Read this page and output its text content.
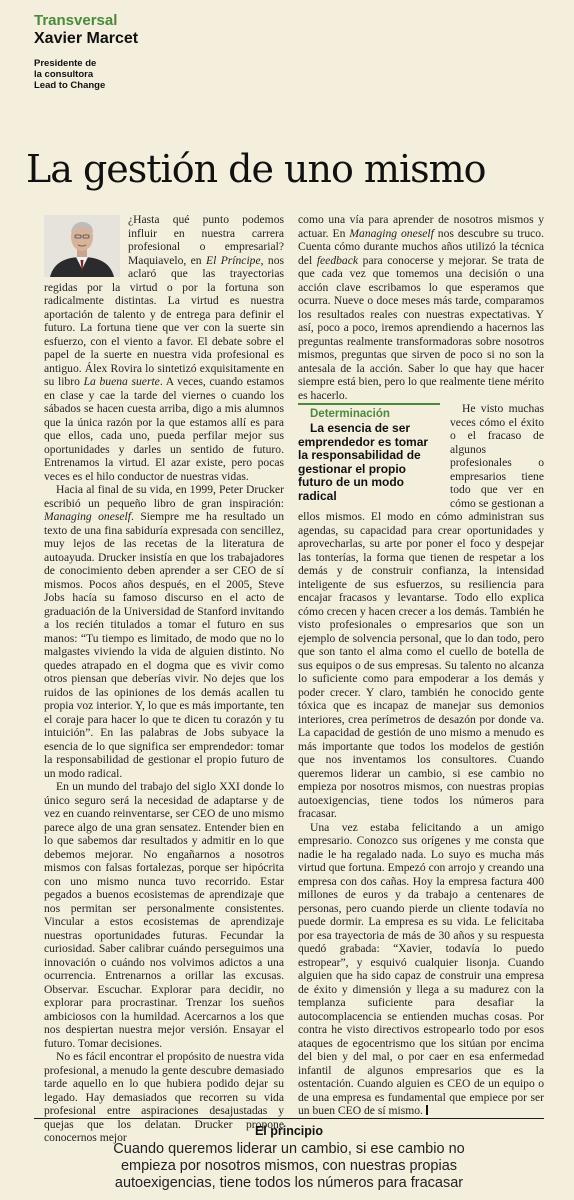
Transversal
Xavier Marcet
Presidente de
la consultora
Lead to Change
La gestión de uno mismo

¿Hasta qué punto podemos influir en nuestra carrera profesional o empresarial? Maquiavelo, en El Príncipe, nos aclaró que las trayectorias regidas por la virtud o por la fortuna son radicalmente distintas. La virtud es nuestra aportación de talento y de entrega para definir el futuro. La fortuna tiene que ver con la suerte sin esfuerzo, con el viento a favor. El debate sobre el papel de la suerte en nuestra vida profesional es antiguo. Álex Rovira lo sintetizó exquisitamente en su libro La buena suerte. A veces, cuando estamos en clase y cae la tarde del viernes o cuando los sábados se hacen cuesta arriba, digo a mis alumnos que la única razón por la que estamos allí es para que ellos, cada uno, pueda perfilar mejor sus oportunidades y darles un sentido de futuro. Entrenamos la virtud. El azar existe, pero pocas veces es el hilo conductor de nuestras vidas.

Hacia al final de su vida, en 1999, Peter Drucker escribió un pequeño libro de gran inspiración: Managing oneself. Siempre me ha resultado un texto de una fina sabiduría expresada con sencillez, muy lejos de las recetas de la literatura de autoayuda. Drucker insistía en que los trabajadores de conocimiento deben aprender a ser CEO de sí mismos. Pocos años después, en el 2005, Steve Jobs hacía su famoso discurso en el acto de graduación de la Universidad de Stanford invitando a los recién titulados a tomar el futuro en sus manos: “Tu tiempo es limitado, de modo que no lo malgastes viviendo la vida de alguien distinto. No quedes atrapado en el dogma que es vivir como otros piensan que deberías vivir. No dejes que los ruidos de las opiniones de los demás acallen tu propia voz interior. Y, lo que es más importante, ten el coraje para hacer lo que te dicen tu corazón y tu intuición”. En las palabras de Jobs subyace la esencia de lo que significa ser emprendedor: tomar la responsabilidad de gestionar el propio futuro de un modo radical.

En un mundo del trabajo del siglo XXI donde lo único seguro será la necesidad de adaptarse y de vez en cuando reinventarse, ser CEO de uno mismo parece algo de una gran sensatez. Entender bien en lo que sabemos dar resultados y admitir en lo que debemos mejorar. No engañarnos a nosotros mismos con falsas fortalezas, porque ser hipócrita con uno mismo nunca tuvo recorrido. Estar pegados a buenos ecosistemas de aprendizaje que nos permitan ser personalmente consistentes. Vincular a estos ecosistemas de aprendizaje nuestras oportunidades futuras. Fecundar la curiosidad. Saber calibrar cuándo perseguimos una innovación o cuándo nos volvimos adictos a una ocurrencia. Entrenarnos a orillar las excusas. Observar. Escuchar. Explorar para decidir, no explorar para procrastinar. Trenzar los sueños ambiciosos con la humildad. Acercarnos a los que nos despiertan nuestra mejor versión. Ensayar el futuro. Tomar decisiones.

No es fácil encontrar el propósito de nuestra vida profesional, a menudo la gente descubre demasiado tarde aquello en lo que hubiera podido dejar su legado. Hay demasiados que recorren su vida profesional entre aspiraciones desajustadas y quejas que los delatan. Drucker propone conocernos mejor

como una vía para aprender de nosotros mismos y actuar. En Managing oneself nos descubre su truco. Cuenta cómo durante muchos años utilizó la técnica del feedback para conocerse y mejorar. Se trata de que cada vez que tomemos una decisión o una acción clave escribamos lo que esperamos que ocurra. Nueve o doce meses más tarde, comparamos los resultados reales con nuestras expectativas. Y así, poco a poco, iremos aprendiendo a hacernos las preguntas realmente transformadoras sobre nosotros mismos, preguntas que sirven de poco si no son la antesala de la acción. Saber lo que hay que hacer siempre está bien, pero lo que realmente tiene mérito es hacerlo.

Determinación
La esencia de ser emprendedor es tomar la responsabilidad de gestionar el propio futuro de un modo radical
He visto muchas veces cómo el éxito o el fracaso de algunos profesionales o empresarios tiene todo que ver en cómo se gestionan a ellos mismos. El modo en cómo administran sus agendas, su capacidad para crear oportunidades y aprovecharlas, su arte por poner el foco y despejar las tonterías, la forma que tienen de respetar a los demás y de construir confianza, la intensidad inteligente de sus esfuerzos, su resiliencia para encajar fracasos y levantarse. Todo ello explica cómo crecen y hacen crecer a los demás. También he visto profesionales o empresarios que son un ejemplo de solvencia personal, que lo dan todo, pero que son tanto el alma como el cuello de botella de sus equipos o de sus empresas. Su talento no alcanza lo suficiente como para empoderar a los demás y poder crecer. Y claro, también he conocido gente tóxica que es incapaz de manejar sus demonios interiores, crea perímetros de desazón por donde va. La capacidad de gestión de uno mismo a menudo es más importante que todos los modelos de gestión que nos inventamos los consultores. Cuando queremos liderar un cambio, si ese cambio no empieza por nosotros mismos, con nuestras propias autoexigencias, tiene todos los números para fracasar.

Una vez estaba felicitando a un amigo empresario. Conozco sus orígenes y me consta que nadie le ha regalado nada. Lo suyo es mucha más virtud que fortuna. Empezó con arrojo y creando una empresa con dos cañas. Hoy la empresa factura 400 millones de euros y da trabajo a centenares de personas, pero cuando pierde un cliente todavía no puede dormir. La empresa es su vida. Le felicitaba por esa trayectoria de más de 30 años y su respuesta quedó grabada: “Xavier, todavía lo puedo estropear”, y esquivó cualquier lisonja. Cuando alguien que ha sido capaz de construir una empresa de éxito y dimensión y llega a su madurez con la templanza suficiente para desafiar la autocomplacencia se entienden muchas cosas. Por contra he visto directivos estropearlo todo por esos ataques de egocentrismo que los sitúan por encima del bien y del mal, o por caer en esa enfermedad infantil de algunos empresarios que es la ostentación. Cuando alguien es CEO de un equipo o de una empresa es fundamental que empiece por ser un buen CEO de sí mismo.

El principio
Cuando queremos liderar un cambio, si ese cambio no
empieza por nosotros mismos, con nuestras propias
autoexigencias, tiene todos los números para fracasar
